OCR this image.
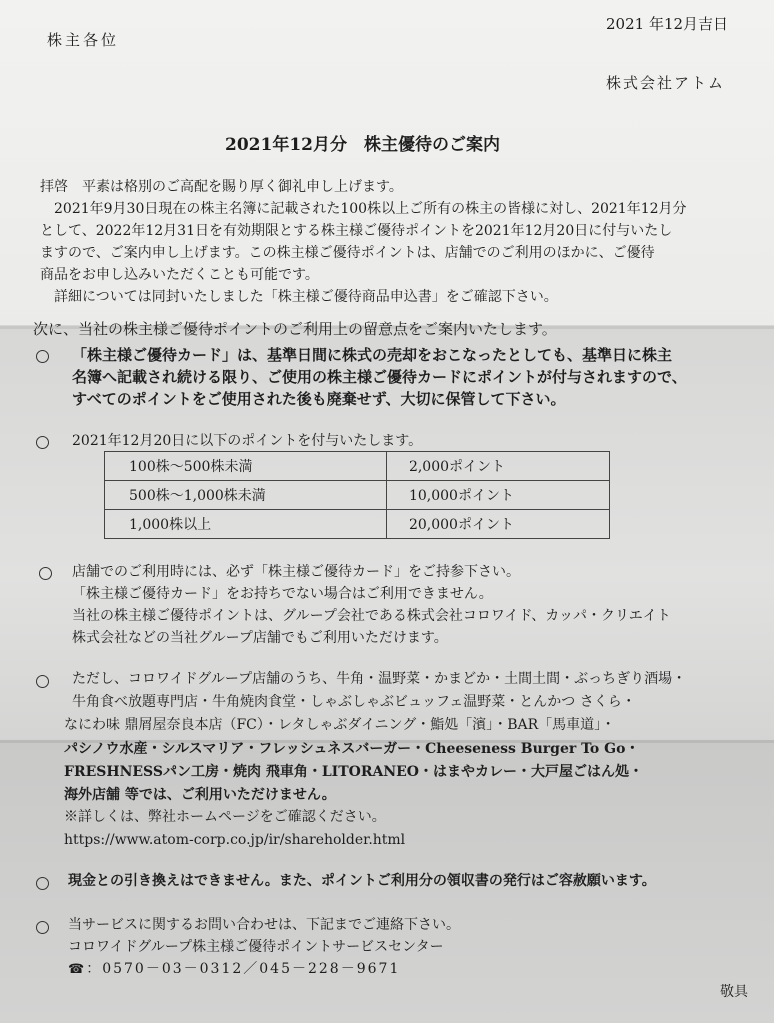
株主各位
2021 年12月吉日
株式会社アトム
2021年12月分　株主優待のご案内
拝啓　平素は格別のご高配を賜り厚く御礼申し上げます。
　2021年9月30日現在の株主名簿に記載された100株以上ご所有の株主の皆様に対し、2021年12月分
として、2022年12月31日を有効期限とする株主様ご優待ポイントを2021年12月20日に付与いたし
ますので、ご案内申し上げます。この株主様ご優待ポイントは、店舗でのご利用のほかに、ご優待
商品をお申し込みいただくことも可能です。
　詳細については同封いたしました「株主様ご優待商品申込書」をご確認下さい。
次に、当社の株主様ご優待ポイントのご利用上の留意点をご案内いたします。
「株主様ご優待カード」は、基準日間に株式の売却をおこなったとしても、基準日に株主
名簿へ記載され続ける限り、ご使用の株主様ご優待カードにポイントが付与されますので、
すべてのポイントをご使用された後も廃棄せず、大切に保管して下さい。
2021年12月20日に以下のポイントを付与いたします。
100株～500株未満	2,000ポイント
500株～1,000株未満	10,000ポイント
1,000株以上	20,000ポイント
店舗でのご利用時には、必ず「株主様ご優待カード」をご持参下さい。
「株主様ご優待カード」をお持ちでない場合はご利用できません。
当社の株主様ご優待ポイントは、グループ会社である株式会社コロワイド、カッパ・クリエイト
株式会社などの当社グループ店舗でもご利用いただけます。
ただし、コロワイドグループ店舗のうち、牛角・温野菜・かまどか・土間土間・ぶっちぎり酒場・
牛角食べ放題専門店・牛角焼肉食堂・しゃぶしゃぶビュッフェ温野菜・とんかつ さくら・
なにわ味 鼎屑屋奈良本店（FC）・レタしゃぶダイニング・鮨処「濱」・BAR「馬車道」・
パシノウ水産・シルスマリア・フレッシュネスバーガー・Cheeseness Burger To Go・
FRESHNESSパン工房・焼肉 飛車角・LITORANEO・はまやカレー・大戸屋ごはん処・
海外店舗 等では、ご利用いただけません。
※詳しくは、弊社ホームページをご確認ください。
https://www.atom-corp.co.jp/ir/shareholder.html
現金との引き換えはできません。また、ポイントご利用分の領収書の発行はご容赦願います。
当サービスに関するお問い合わせは、下記までご連絡下さい。
コロワイドグループ株主様ご優待ポイントサービスセンター
☎：0570－03－0312／045－228－9671
敬具
